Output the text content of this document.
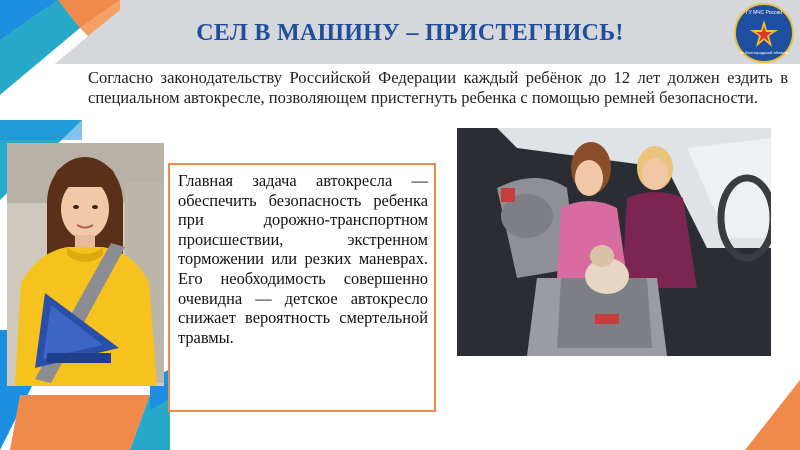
СЕЛ В МАШИНУ – ПРИСТЕГНИСЬ!
ГУ МЧС России
по Волгоградской области
Согласно законодательству Российской Федерации каждый ребёнок до 12 лет должен ездить в специальном автокресле, позволяющем пристегнуть ребенка с помощью ремней безопасности.
Главная задача автокресла — обеспечить безопасность ребенка при дорожно-транспортном происшествии, экстренном торможении или резких маневрах. Его необходимость совершенно очевидна — детское автокресло снижает вероятность смертельной травмы.
